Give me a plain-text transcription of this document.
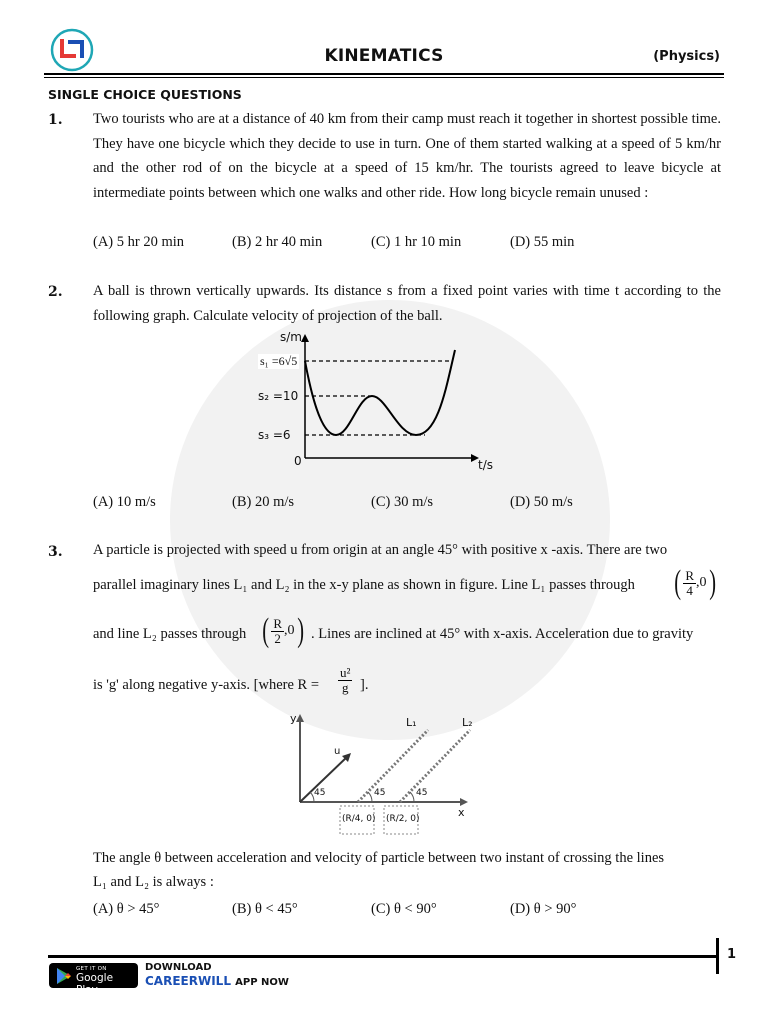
KINEMATICS	(Physics)
SINGLE CHOICE QUESTIONS
1. Two tourists who are at a distance of 40 km from their camp must reach it together in shortest possible time. They have one bicycle which they decide to use in turn. One of them started walking at a speed of 5 km/hr and the other rod of on the bicycle at a speed of 15 km/hr. The tourists agreed to leave bicycle at intermediate points between which one walks and other ride. How long bicycle remain unused :
(A) 5 hr 20 min	(B) 2 hr 40 min	(C) 1 hr 10 min	(D) 55 min
2. A ball is thrown vertically upwards. Its distance s from a fixed point varies with time t according to the following graph. Calculate velocity of projection of the ball.
s/m
s₁ =6√5
s₂ =10
s₃ =6
0	t/s
(A) 10 m/s	(B) 20 m/s	(C) 30 m/s	(D) 50 m/s
3. A particle is projected with speed u from origin at an angle 45° with positive x -axis. There are two
parallel imaginary lines L₁ and L₂ in the x-y plane as shown in figure. Line L₁ passes through	( $\frac{R}{4} ,0$)
and line L₂ passes through ( $\frac{R}{2} ,0$) . Lines are inclined at 45° with x-axis. Acceleration due to gravity
is 'g' along negative y-axis. [where $R = \frac{\text{u²}}{g}$ ].
y
x
u
L₁	L₂
45	45	45
(R/4, 0) (R/2, 0)
The angle θ between acceleration and velocity of particle between two instant of crossing the lines
L₁ and L₂ is always :
(A) θ > 45°	(B) θ < 45°	(C) θ < 90°	(D) θ > 90°
1
GET IT ON
Google Play
DOWNLOAD
CAREERWILL APP NOW
